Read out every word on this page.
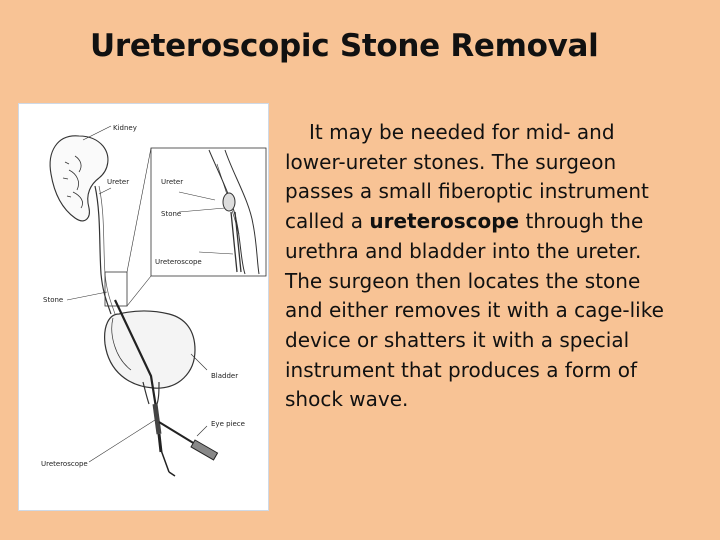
Ureteroscopic Stone Removal
Kidney
Ureter	Ureter
Stone
Ureteroscope
Stone
Bladder
Eye piece
Ureteroscope

It may be needed for mid- and

lower-ureter stones. The surgeon

passes a small fiberoptic instrument

called a ureteroscope through the

urethra and bladder into the ureter.

The surgeon then locates the stone

and either removes it with a cage-like

device or shatters it with a special

instrument that produces a form of

shock wave.
